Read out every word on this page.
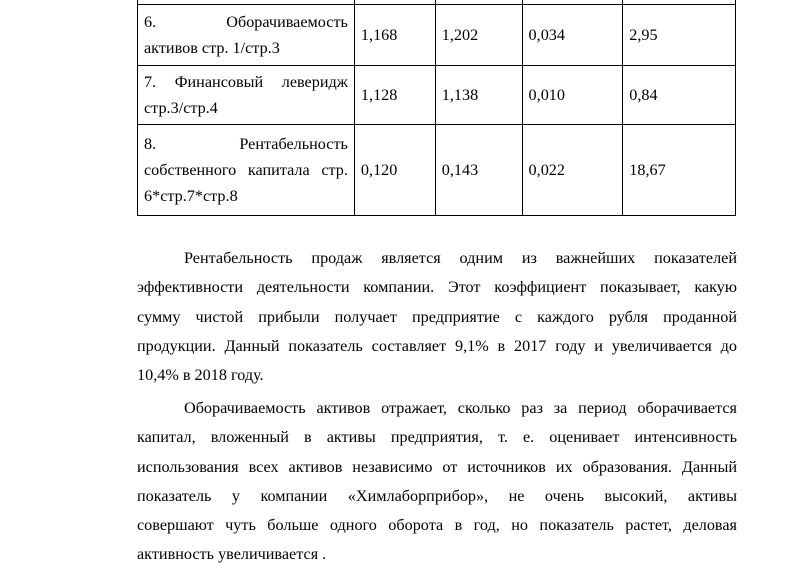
6. Оборачиваемость
активов стр. 1/стр.3	1,168	1,202	0,034	2,95

7. Финансовый леверидж
стр.3/стр.4	1,128	1,138	0,010	0,84

8. Рентабельность
собственного капитала стр.
6*стр.7*стр.8	0,120	0,143	0,022	18,67
Рентабельность продаж является одним из важнейших показателей
эффективности деятельности компании. Этот коэффициент показывает, какую
сумму чистой прибыли получает предприятие с каждого рубля проданной
продукции. Данный показатель составляет 9,1% в 2017 году и увеличивается до
10,4% в 2018 году.
Оборачиваемость активов отражает, сколько раз за период оборачивается
капитал, вложенный в активы предприятия, т. е. оценивает интенсивность
использования всех активов независимо от источников их образования. Данный
показатель у компании «Химлаборприбор», не очень высокий, активы
совершают чуть больше одного оборота в год, но показатель растет, деловая
активность увеличивается .
